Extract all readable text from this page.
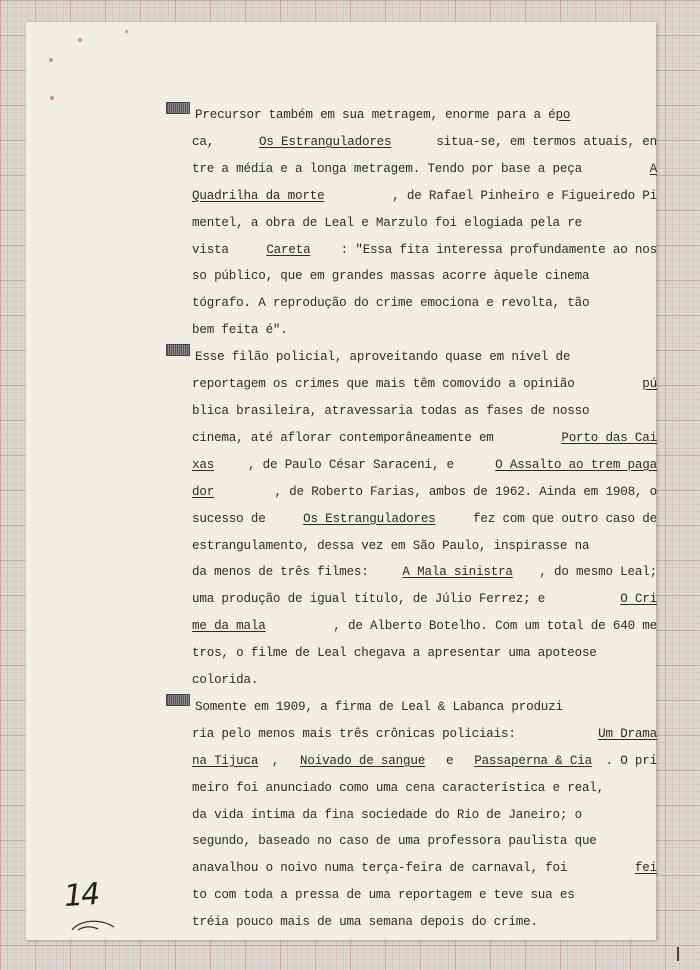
Precursor também em sua metragem, enorme para a é po
ca,	Os Estranguladores	situa-se, em termos atuais, en
tre a média e a longa metragem. Tendo por base a peça	A
Quadrilha da morte	, de Rafael Pinheiro e Figueiredo Pi
mentel, a obra de Leal e Marzulo foi elogiada pela re
vista Careta : "Essa fita interessa profundamente ao nos
so público, que em grandes massas acorre àquele cinema
tógrafo. A reprodução do crime emociona e revolta, tão
bem feita é".
Esse filão policial, aproveitando quase em nível de
reportagem os crimes que mais têm comovido a opinião	pú
blica brasileira, atravessaria todas as fases de nosso
cinema, até aflorar contemporâneamente em	Porto das Cai
xas	, de Paulo César Saraceni, e	O Assalto ao trem paga
dor	, de Roberto Farias, ambos de 1962. Ainda em 1908, o
sucesso de Os Estranguladores fez com que outro caso de
estrangulamento, dessa vez em São Paulo, inspirasse na
da menos de três filmes: A Mala sinistra , do mesmo Leal;
uma produção de igual título, de Júlio Ferrez; e	O Cri
me da mala	, de Alberto Botelho. Com um total de 640 me
tros, o filme de Leal chegava a apresentar uma apoteose
colorida.
Somente em 1909, a firma de Leal & Labanca produzi
ria pelo menos mais três crônicas policiais:	Um Drama
na Tijuca , Noivado de sangue e Passaperna & Cia . O pri
meiro foi anunciado como uma cena característica e real,
da vida íntima da fina sociedade do Rio de Janeiro; o
segundo, baseado no caso de uma professora paulista que
anavalhou o noivo numa terça-feira de carnaval, foi	fei
to com toda a pressa de uma reportagem e teve sua es
tréia pouco mais de uma semana depois do crime.
14
